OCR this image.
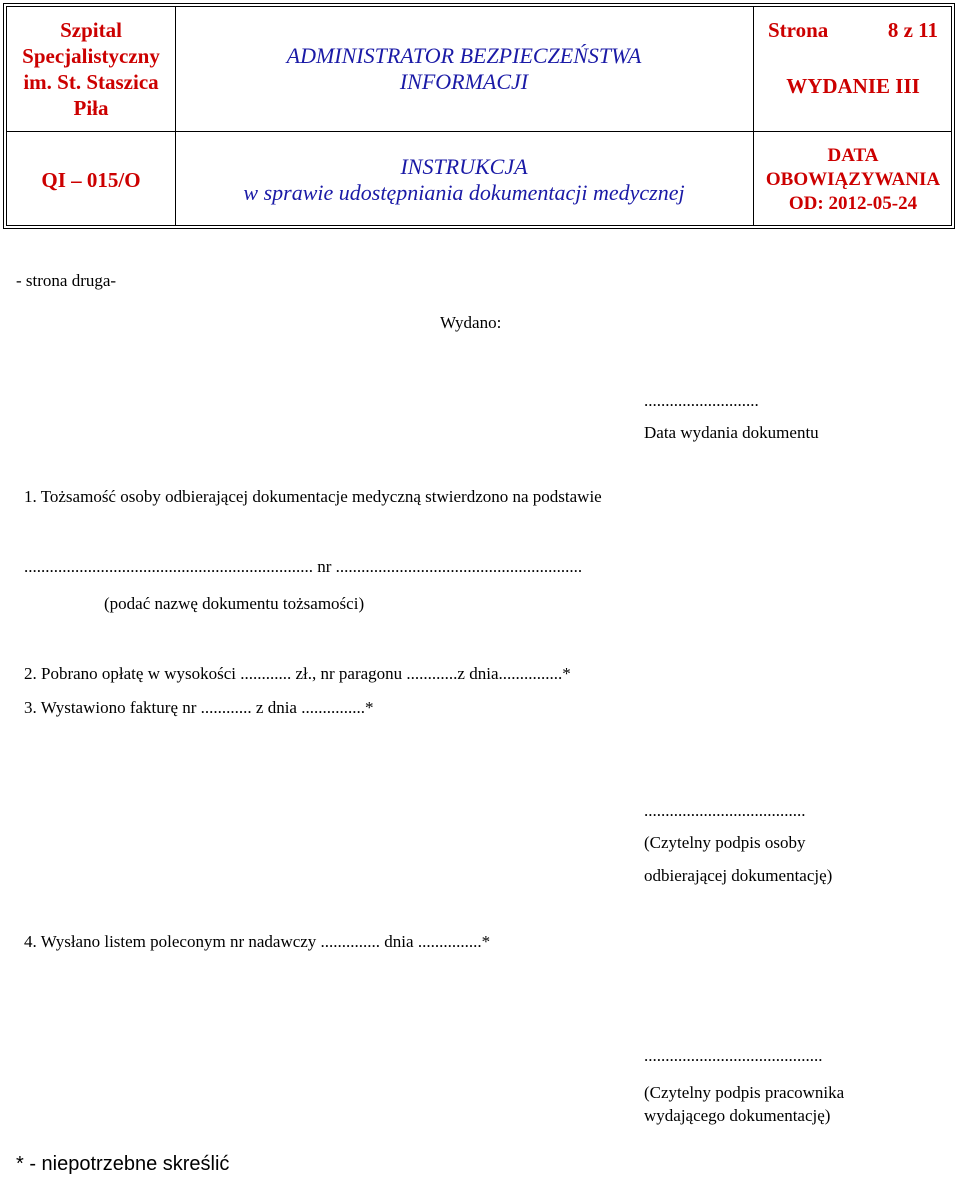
Szpital
Specjalistyczny
im. St. Staszica
Piła
ADMINISTRATOR BEZPIECZEŃSTWA
INFORMACJI
Strona	8 z 11
WYDANIE III
QI – 015/O
INSTRUKCJA
w sprawie udostępniania dokumentacji medycznej
DATA
OBOWIĄZYWANIA
OD: 2012-05-24
- strona druga-
Wydano:
...........................
Data wydania dokumentu
1. Tożsamość osoby odbierającej dokumentacje medyczną stwierdzono na podstawie
.................................................................... nr ..........................................................
(podać nazwę dokumentu tożsamości)
2. Pobrano opłatę w wysokości ............ zł., nr paragonu ............z dnia...............*
3. Wystawiono fakturę nr ............ z dnia ...............*
......................................
(Czytelny podpis osoby
odbierającej dokumentację)
4. Wysłano listem poleconym nr nadawczy .............. dnia ...............*
..........................................
(Czytelny podpis pracownika
wydającego dokumentację)
* - niepotrzebne skreślić
